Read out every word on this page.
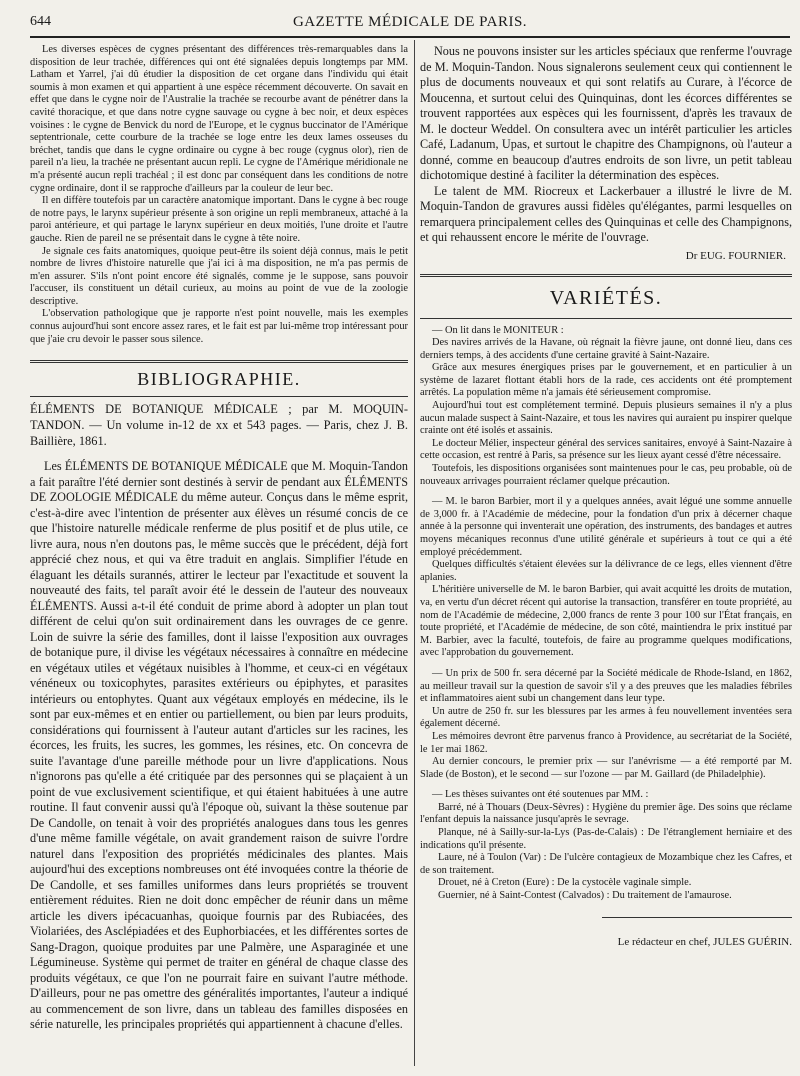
644	GAZETTE MÉDICALE DE PARIS.

Les diverses espèces de cygnes présentant des différences très-remarquables dans la disposition de leur trachée, différences qui ont été signalées depuis longtemps par MM. Latham et Yarrel, j'ai dû étudier la disposition de cet organe dans l'individu qui était soumis à mon examen et qui appartient à une espèce récemment découverte. On savait en effet que dans le cygne noir de l'Australie la trachée se recourbe avant de pénétrer dans la cavité thoracique, et que dans notre cygne sauvage ou cygne à bec noir, et deux espèces voisines : le cygne de Benvick du nord de l'Europe, et le cygnus buccinator de l'Amérique septentrionale, cette courbure de la trachée se loge entre les deux lames osseuses du bréchet, tandis que dans le cygne ordinaire ou cygne à bec rouge (cygnus olor), rien de pareil n'a lieu, la trachée ne présentant aucun repli. Le cygne de l'Amérique méridionale ne m'a présenté aucun repli trachéal ; il est donc par conséquent dans les conditions de notre cygne ordinaire, dont il se rapproche d'ailleurs par la couleur de leur bec.

Il en diffère toutefois par un caractère anatomique important. Dans le cygne à bec rouge de notre pays, le larynx supérieur présente à son origine un repli membraneux, attaché à la paroi antérieure, et qui partage le larynx supérieur en deux moitiés, l'une droite et l'autre gauche. Rien de pareil ne se présentait dans le cygne à tête noire.

Je signale ces faits anatomiques, quoique peut-être ils soient déjà connus, mais le petit nombre de livres d'histoire naturelle que j'ai ici à ma disposition, ne m'a pas permis de m'en assurer. S'ils n'ont point encore été signalés, comme je le suppose, sans pouvoir l'accuser, ils constituent un détail curieux, au moins au point de vue de la zoologie descriptive.

L'observation pathologique que je rapporte n'est point nouvelle, mais les exemples connus aujourd'hui sont encore assez rares, et le fait est par lui-même trop intéressant pour que j'aie cru devoir le passer sous silence.

BIBLIOGRAPHIE.
ÉLÉMENTS DE BOTANIQUE MÉDICALE ; par M. MOQUIN-TANDON. — Un volume in-12 de xx et 543 pages. — Paris, chez J. B. Baillière, 1861.

Les ÉLÉMENTS DE BOTANIQUE MÉDICALE que M. Moquin-Tandon a fait paraître l'été dernier sont destinés à servir de pendant aux ÉLÉMENTS DE ZOOLOGIE MÉDICALE du même auteur. Conçus dans le même esprit, c'est-à-dire avec l'intention de présenter aux élèves un résumé concis de ce que l'histoire naturelle médicale renferme de plus positif et de plus utile, ce livre aura, nous n'en doutons pas, le même succès que le précédent, déjà fort apprécié chez nous, et qui va être traduit en anglais. Simplifier l'étude en élaguant les détails surannés, attirer le lecteur par l'exactitude et souvent la nouveauté des faits, tel paraît avoir été le dessein de l'auteur des nouveaux ÉLÉMENTS. Aussi a-t-il été conduit de prime abord à adopter un plan tout différent de celui qu'on suit ordinairement dans les ouvrages de ce genre. Loin de suivre la série des familles, dont il laisse l'exposition aux ouvrages de botanique pure, il divise les végétaux nécessaires à connaître en médecine en végétaux utiles et végétaux nuisibles à l'homme, et ceux-ci en végétaux vénéneux ou toxicophytes, parasites extérieurs ou épiphytes, et parasites intérieurs ou entophytes. Quant aux végétaux employés en médecine, ils le sont par eux-mêmes et en entier ou partiellement, ou bien par leurs produits, considérations qui fournissent à l'auteur autant d'articles sur les racines, les écorces, les fruits, les sucres, les gommes, les résines, etc. On concevra de suite l'avantage d'une pareille méthode pour un livre d'applications. Nous n'ignorons pas qu'elle a été critiquée par des personnes qui se plaçaient à un point de vue exclusivement scientifique, et qui étaient habituées à une autre routine. Il faut convenir aussi qu'à l'époque où, suivant la thèse soutenue par De Candolle, on tenait à voir des propriétés analogues dans tous les genres d'une même famille végétale, on avait grandement raison de suivre l'ordre naturel dans l'exposition des propriétés médicinales des plantes. Mais aujourd'hui des exceptions nombreuses ont été invoquées contre la théorie de De Candolle, et ses familles uniformes dans leurs propriétés se trouvent entièrement réduites. Rien ne doit donc empêcher de réunir dans un même article les divers ipécacuanhas, quoique fournis par des Rubiacées, des Violariées, des Asclépiadées et des Euphorbiacées, et les différentes sortes de Sang-Dragon, quoique produites par une Palmère, une Asparaginée et une Légumineuse. Système qui permet de traiter en général de chaque classe des produits végétaux, ce que l'on ne pourrait faire en suivant l'autre méthode. D'ailleurs, pour ne pas omettre des généralités importantes, l'auteur a indiqué au commencement de son livre, dans un tableau des familles disposées en série naturelle, les principales propriétés qui appartiennent à chacune d'elles.

Nous ne pouvons insister sur les articles spéciaux que renferme l'ouvrage de M. Moquin-Tandon. Nous signalerons seulement ceux qui contiennent le plus de documents nouveaux et qui sont relatifs au Curare, à l'écorce de Moucenna, et surtout celui des Quinquinas, dont les écorces différentes se trouvent rapportées aux espèces qui les fournissent, d'après les travaux de M. le docteur Weddel. On consultera avec un intérêt particulier les articles Café, Ladanum, Upas, et surtout le chapitre des Champignons, où l'auteur a donné, comme en beaucoup d'autres endroits de son livre, un petit tableau dichotomique destiné à faciliter la détermination des espèces.

Le talent de MM. Riocreux et Lackerbauer a illustré le livre de M. Moquin-Tandon de gravures aussi fidèles qu'élégantes, parmi lesquelles on remarquera principalement celles des Quinquinas et celle des Champignons, et qui rehaussent encore le mérite de l'ouvrage.

Dr EUG. FOURNIER.
VARIÉTÉS.

— On lit dans le MONITEUR :

Des navires arrivés de la Havane, où régnait la fièvre jaune, ont donné lieu, dans ces derniers temps, à des accidents d'une certaine gravité à Saint-Nazaire.

Grâce aux mesures énergiques prises par le gouvernement, et en particulier à un système de lazaret flottant établi hors de la rade, ces accidents ont été promptement arrêtés. La population même n'a jamais été sérieusement compromise.

Aujourd'hui tout est complétement terminé. Depuis plusieurs semaines il n'y a plus aucun malade suspect à Saint-Nazaire, et tous les navires qui auraient pu inspirer quelque crainte ont été isolés et assainis.

Le docteur Mélier, inspecteur général des services sanitaires, envoyé à Saint-Nazaire à cette occasion, est rentré à Paris, sa présence sur les lieux ayant cessé d'être nécessaire.

Toutefois, les dispositions organisées sont maintenues pour le cas, peu probable, où de nouveaux arrivages pourraient réclamer quelque précaution.

— M. le baron Barbier, mort il y a quelques années, avait légué une somme annuelle de 3,000 fr. à l'Académie de médecine, pour la fondation d'un prix à décerner chaque année à la personne qui inventerait une opération, des instruments, des bandages et autres moyens mécaniques reconnus d'une utilité générale et supérieurs à tout ce qui a été employé précédemment.

Quelques difficultés s'étaient élevées sur la délivrance de ce legs, elles viennent d'être aplanies.

L'héritière universelle de M. le baron Barbier, qui avait acquitté les droits de mutation, va, en vertu d'un décret récent qui autorise la transaction, transférer en toute propriété, au nom de l'Académie de médecine, 2,000 francs de rente 3 pour 100 sur l'État français, en toute propriété, et l'Académie de médecine, de son côté, maintiendra le prix institué par M. Barbier, avec la faculté, toutefois, de faire au programme quelques modifications, avec l'approbation du gouvernement.

— Un prix de 500 fr. sera décerné par la Société médicale de Rhode-Island, en 1862, au meilleur travail sur la question de savoir s'il y a des preuves que les maladies fébriles et inflammatoires aient subi un changement dans leur type.

Un autre de 250 fr. sur les blessures par les armes à feu nouvellement inventées sera également décerné.

Les mémoires devront être parvenus franco à Providence, au secrétariat de la Société, le 1er mai 1862.

Au dernier concours, le premier prix — sur l'anévrisme — a été remporté par M. Slade (de Boston), et le second — sur l'ozone — par M. Gaillard (de Philadelphie).

— Les thèses suivantes ont été soutenues par MM. :

Barré, né à Thouars (Deux-Sèvres) : Hygiène du premier âge. Des soins que réclame l'enfant depuis la naissance jusqu'après le sevrage.

Planque, né à Sailly-sur-la-Lys (Pas-de-Calais) : De l'étranglement herniaire et des indications qu'il présente.

Laure, né à Toulon (Var) : De l'ulcère contagieux de Mozambique chez les Cafres, et de son traitement.

Drouet, né à Creton (Eure) : De la cystocèle vaginale simple.

Guernier, né à Saint-Contest (Calvados) : Du traitement de l'amaurose.

Le rédacteur en chef, JULES GUÉRIN.
